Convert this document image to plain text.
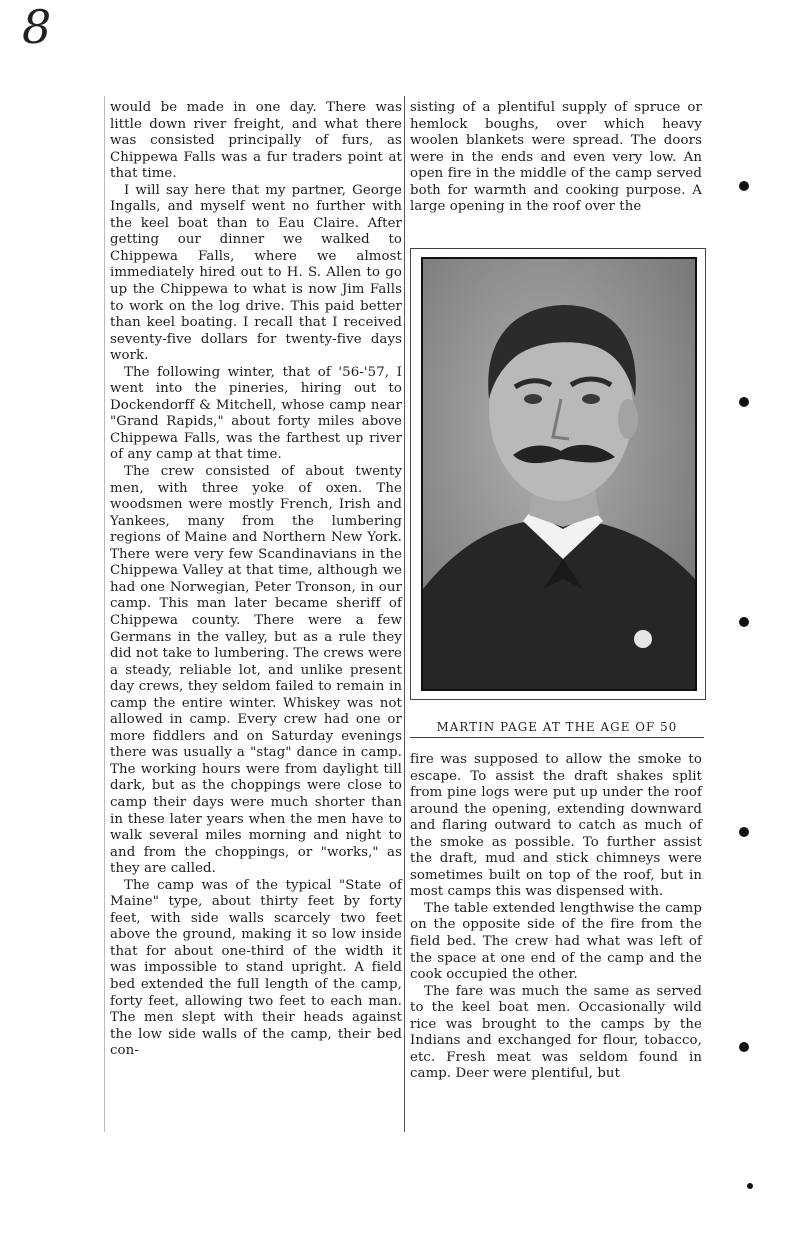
8

would be made in one day. There was little down river freight, and what there was consisted principally of furs, as Chippewa Falls was a fur traders point at that time.

I will say here that my partner, George Ingalls, and myself went no further with the keel boat than to Eau Claire. After getting our dinner we walked to Chippewa Falls, where we almost immediately hired out to H. S. Allen to go up the Chippewa to what is now Jim Falls to work on the log drive. This paid better than keel boating. I recall that I received seventy-five dollars for twenty-five days work.

The following winter, that of '56-'57, I went into the pineries, hiring out to Dockendorff & Mitchell, whose camp near "Grand Rapids," about forty miles above Chippewa Falls, was the farthest up river of any camp at that time.

The crew consisted of about twenty men, with three yoke of oxen. The woodsmen were mostly French, Irish and Yankees, many from the lumbering regions of Maine and Northern New York. There were very few Scandinavians in the Chippewa Valley at that time, although we had one Norwegian, Peter Tronson, in our camp. This man later became sheriff of Chippewa county. There were a few Germans in the valley, but as a rule they did not take to lumbering. The crews were a steady, reliable lot, and unlike present day crews, they seldom failed to remain in camp the entire winter. Whiskey was not allowed in camp. Every crew had one or more fiddlers and on Saturday evenings there was usually a "stag" dance in camp. The working hours were from daylight till dark, but as the choppings were close to camp their days were much shorter than in these later years when the men have to walk several miles morning and night to and from the choppings, or "works," as they are called.

The camp was of the typical "State of Maine" type, about thirty feet by forty feet, with side walls scarcely two feet above the ground, making it so low inside that for about one-third of the width it was impossible to stand upright. A field bed extended the full length of the camp, forty feet, allowing two feet to each man. The men slept with their heads against the low side walls of the camp, their bed con-

sisting of a plentiful supply of spruce or hemlock boughs, over which heavy woolen blankets were spread. The doors were in the ends and even very low. An open fire in the middle of the camp served both for warmth and cooking purpose. A large opening in the roof over the

MARTIN PAGE AT THE AGE OF 50

fire was supposed to allow the smoke to escape. To assist the draft shakes split from pine logs were put up under the roof around the opening, extending downward and flaring outward to catch as much of the smoke as possible. To further assist the draft, mud and stick chimneys were sometimes built on top of the roof, but in most camps this was dispensed with.

The table extended lengthwise the camp on the opposite side of the fire from the field bed. The crew had what was left of the space at one end of the camp and the cook occupied the other.

The fare was much the same as served to the keel boat men. Occasionally wild rice was brought to the camps by the Indians and exchanged for flour, tobacco, etc. Fresh meat was seldom found in camp. Deer were plentiful, but
